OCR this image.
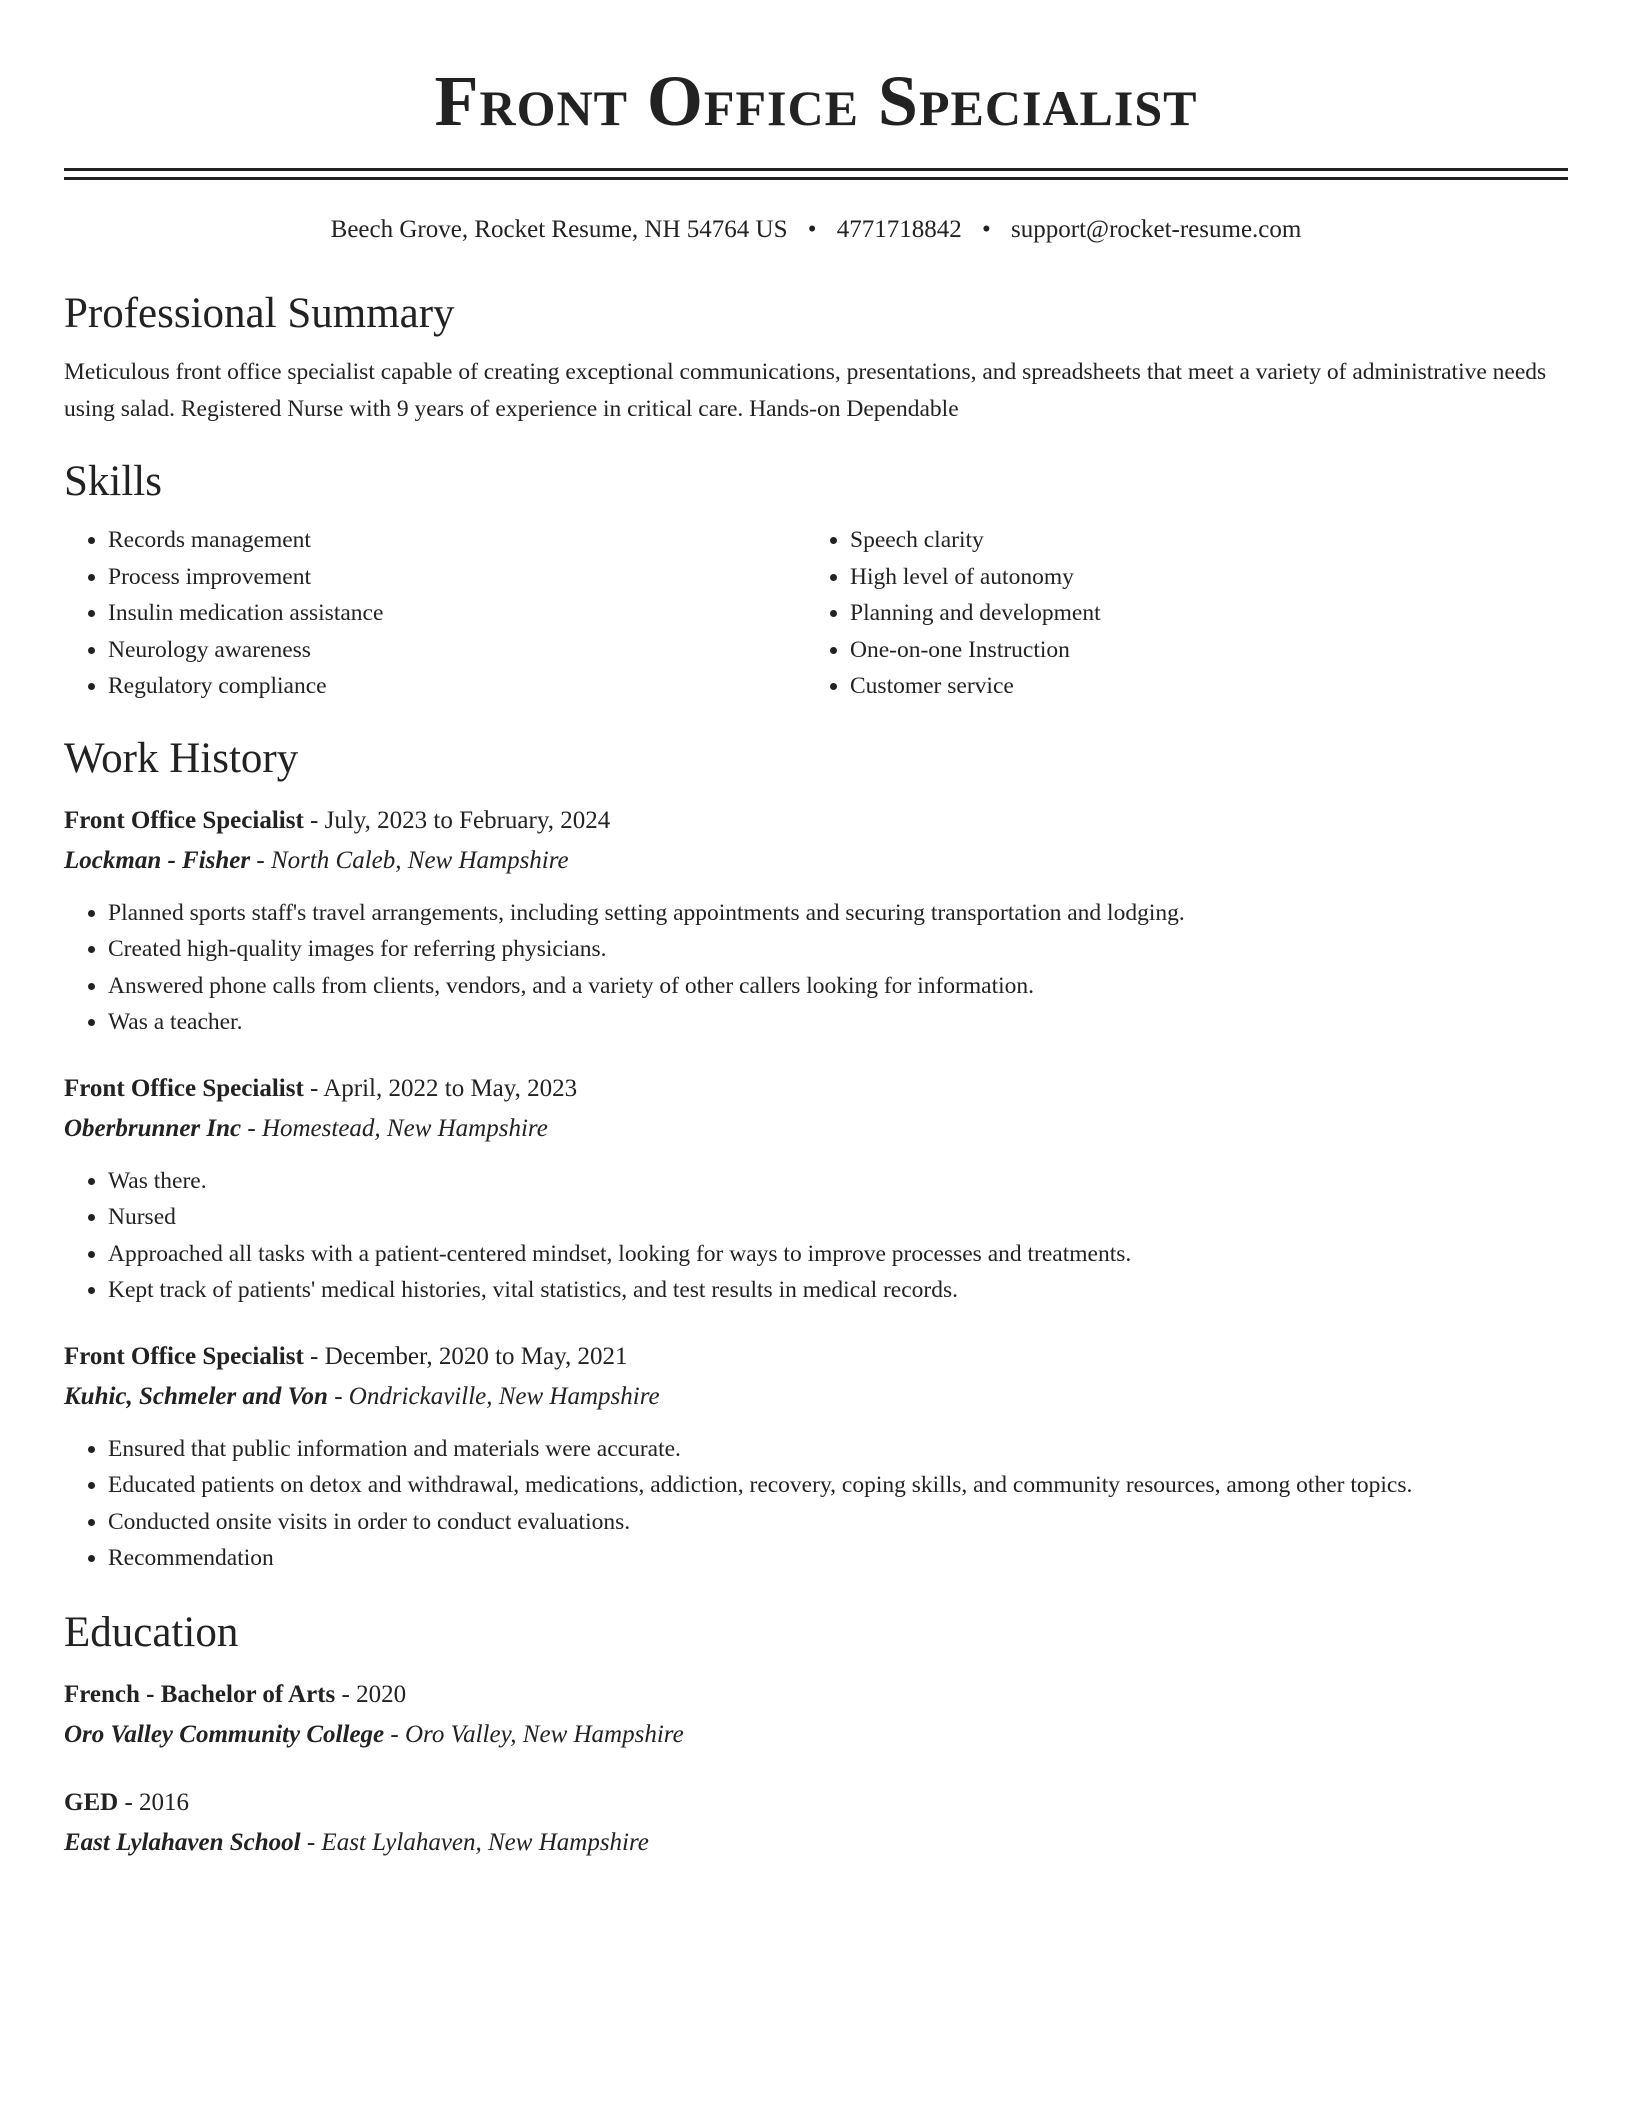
Front Office Specialist
Beech Grove, Rocket Resume, NH 54764 US • 4771718842 • support@rocket-resume.com
Professional Summary
Meticulous front office specialist capable of creating exceptional communications, presentations, and spreadsheets that meet a variety of administrative needs using salad. Registered Nurse with 9 years of experience in critical care. Hands-on Dependable
Skills
• Records management
• Process improvement
• Insulin medication assistance
• Neurology awareness
• Regulatory compliance
• Speech clarity
• High level of autonomy
• Planning and development
• One-on-one Instruction
• Customer service
Work History
Front Office Specialist - July, 2023 to February, 2024
Lockman - Fisher - North Caleb, New Hampshire
• Planned sports staff's travel arrangements, including setting appointments and securing transportation and lodging.
• Created high-quality images for referring physicians.
• Answered phone calls from clients, vendors, and a variety of other callers looking for information.
• Was a teacher.
Front Office Specialist - April, 2022 to May, 2023
Oberbrunner Inc - Homestead, New Hampshire
• Was there.
• Nursed
• Approached all tasks with a patient-centered mindset, looking for ways to improve processes and treatments.
• Kept track of patients' medical histories, vital statistics, and test results in medical records.
Front Office Specialist - December, 2020 to May, 2021
Kuhic, Schmeler and Von - Ondrickaville, New Hampshire
• Ensured that public information and materials were accurate.
• Educated patients on detox and withdrawal, medications, addiction, recovery, coping skills, and community resources, among other topics.
• Conducted onsite visits in order to conduct evaluations.
• Recommendation
Education
French - Bachelor of Arts - 2020
Oro Valley Community College - Oro Valley, New Hampshire
GED - 2016
East Lylahaven School - East Lylahaven, New Hampshire
